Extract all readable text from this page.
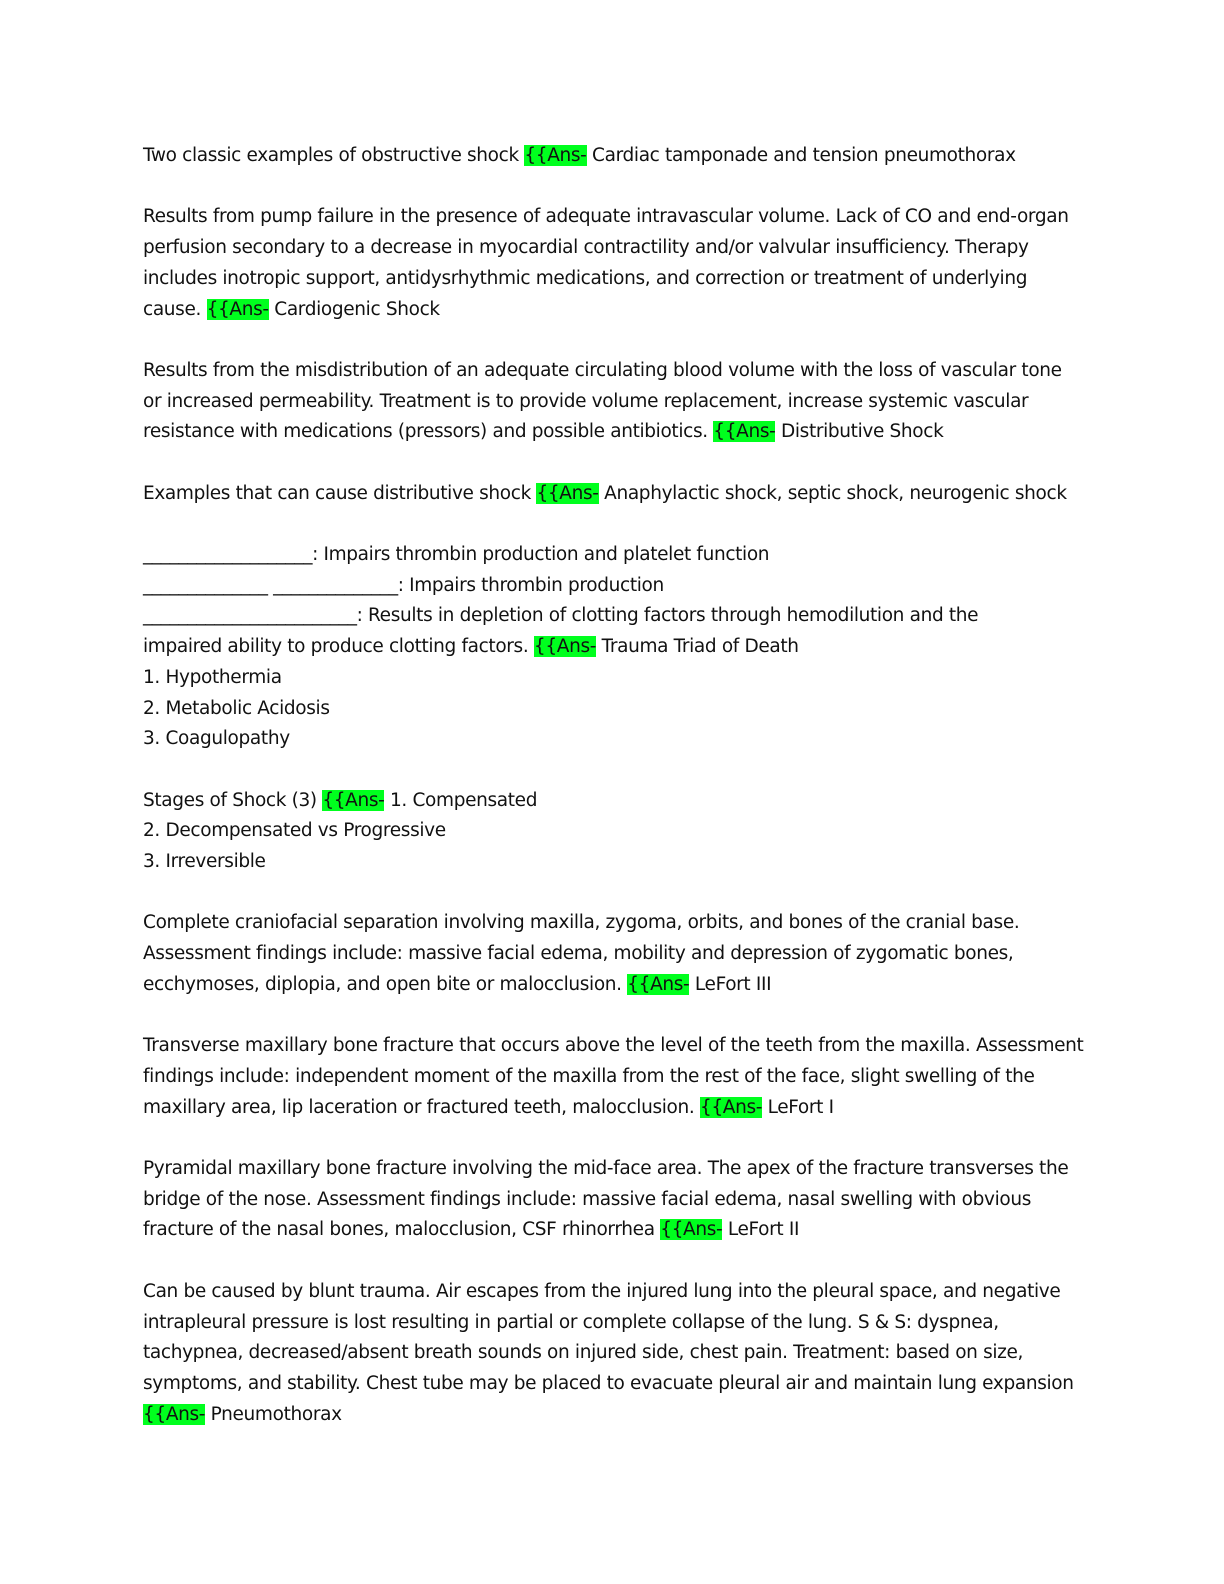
Two classic examples of obstructive shock {{Ans- Cardiac tamponade and tension pneumothorax
Results from pump failure in the presence of adequate intravascular volume. Lack of CO and end-organ
perfusion secondary to a decrease in myocardial contractility and/or valvular insufficiency. Therapy
includes inotropic support, antidysrhythmic medications, and correction or treatment of underlying
cause. {{Ans- Cardiogenic Shock
Results from the misdistribution of an adequate circulating blood volume with the loss of vascular tone
or increased permeability. Treatment is to provide volume replacement, increase systemic vascular
resistance with medications (pressors) and possible antibiotics. {{Ans- Distributive Shock
Examples that can cause distributive shock {{Ans- Anaphylactic shock, septic shock, neurogenic shock
___________________: Impairs thrombin production and platelet function
______________ ______________: Impairs thrombin production
________________________: Results in depletion of clotting factors through hemodilution and the
impaired ability to produce clotting factors. {{Ans- Trauma Triad of Death
1. Hypothermia
2. Metabolic Acidosis
3. Coagulopathy
Stages of Shock (3) {{Ans- 1. Compensated
2. Decompensated vs Progressive
3. Irreversible
Complete craniofacial separation involving maxilla, zygoma, orbits, and bones of the cranial base.
Assessment findings include: massive facial edema, mobility and depression of zygomatic bones,
ecchymoses, diplopia, and open bite or malocclusion. {{Ans- LeFort III
Transverse maxillary bone fracture that occurs above the level of the teeth from the maxilla. Assessment
findings include: independent moment of the maxilla from the rest of the face, slight swelling of the
maxillary area, lip laceration or fractured teeth, malocclusion. {{Ans- LeFort I
Pyramidal maxillary bone fracture involving the mid-face area. The apex of the fracture transverses the
bridge of the nose. Assessment findings include: massive facial edema, nasal swelling with obvious
fracture of the nasal bones, malocclusion, CSF rhinorrhea {{Ans- LeFort II
Can be caused by blunt trauma. Air escapes from the injured lung into the pleural space, and negative
intrapleural pressure is lost resulting in partial or complete collapse of the lung. S & S: dyspnea,
tachypnea, decreased/absent breath sounds on injured side, chest pain. Treatment: based on size,
symptoms, and stability. Chest tube may be placed to evacuate pleural air and maintain lung expansion
{{Ans- Pneumothorax
